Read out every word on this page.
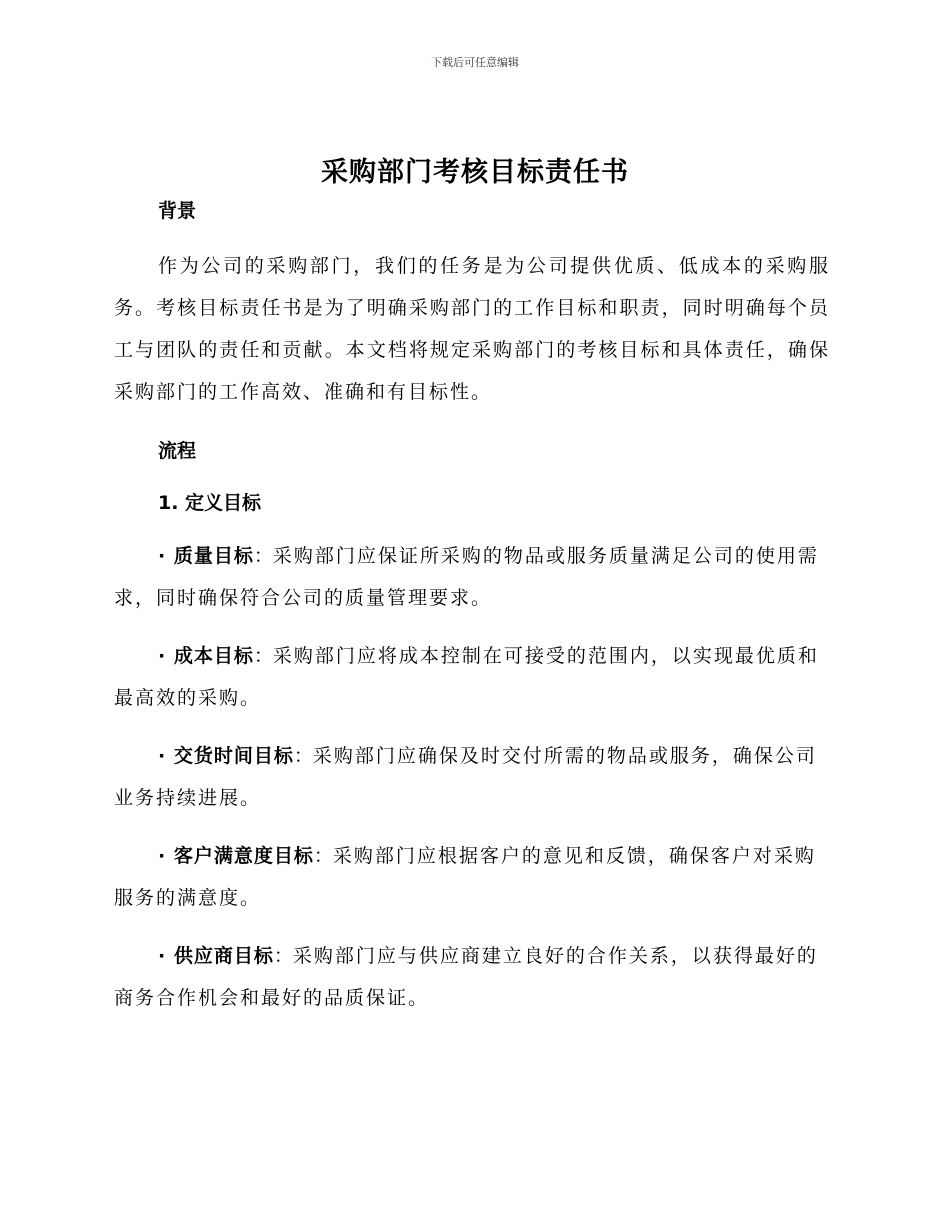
下载后可任意编辑
采购部门考核目标责任书
背景

作为公司的采购部门，我们的任务是为公司提供优质、低成本的采购服务。考核目标责任书是为了明确采购部门的工作目标和职责，同时明确每个员工与团队的责任和贡献。本文档将规定采购部门的考核目标和具体责任，确保采购部门的工作高效、准确和有目标性。

流程
1. 定义目标

· 质量目标：采购部门应保证所采购的物品或服务质量满足公司的使用需求，同时确保符合公司的质量管理要求。

· 成本目标：采购部门应将成本控制在可接受的范围内，以实现最优质和最高效的采购。

· 交货时间目标：采购部门应确保及时交付所需的物品或服务，确保公司业务持续进展。

· 客户满意度目标：采购部门应根据客户的意见和反馈，确保客户对采购服务的满意度。

· 供应商目标：采购部门应与供应商建立良好的合作关系，以获得最好的商务合作机会和最好的品质保证。
